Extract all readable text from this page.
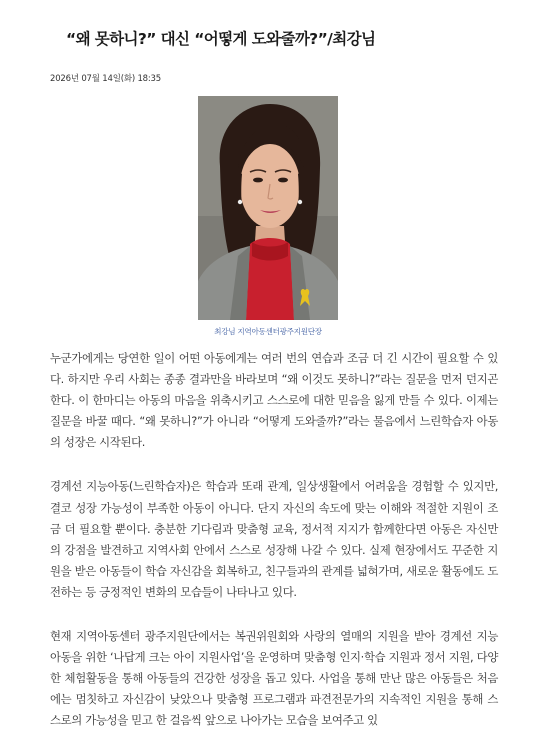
“왜 못하니?” 대신 “어떻게 도와줄까?”/최강님
2026년 07월 14일(화) 18:35
최강님 지역아동센터광주지원단장

누군가에게는 당연한 일이 어떤 아동에게는 여러 번의 연습과 조금 더 긴 시간이 필요할 수 있다. 하지만 우리 사회는 종종 결과만을 바라보며 “왜 이것도 못하니?”라는 질문을 먼저 던지곤 한다. 이 한마디는 아동의 마음을 위축시키고 스스로에 대한 믿음을 잃게 만들 수 있다. 이제는 질문을 바꿀 때다. “왜 못하니?”가 아니라 “어떻게 도와줄까?”라는 물음에서 느린학습자 아동의 성장은 시작된다.

경계선 지능아동(느린학습자)은 학습과 또래 관계, 일상생활에서 어려움을 경험할 수 있지만, 결코 성장 가능성이 부족한 아동이 아니다. 단지 자신의 속도에 맞는 이해와 적절한 지원이 조금 더 필요할 뿐이다. 충분한 기다림과 맞춤형 교육, 정서적 지지가 함께한다면 아동은 자신만의 강점을 발견하고 지역사회 안에서 스스로 성장해 나갈 수 있다. 실제 현장에서도 꾸준한 지원을 받은 아동들이 학습 자신감을 회복하고, 친구들과의 관계를 넓혀가며, 새로운 활동에도 도전하는 등 긍정적인 변화의 모습들이 나타나고 있다.

현재 지역아동센터 광주지원단에서는 복권위원회와 사랑의 열매의 지원을 받아 경계선 지능 아동을 위한 ‘나답게 크는 아이 지원사업’을 운영하며 맞춤형 인지·학습 지원과 정서 지원, 다양한 체험활동을 통해 아동들의 건강한 성장을 돕고 있다. 사업을 통해 만난 많은 아동들은 처음에는 멈칫하고 자신감이 낮았으나 맞춤형 프로그램과 파견전문가의 지속적인 지원을 통해 스스로의 가능성을 믿고 한 걸음씩 앞으로 나아가는 모습을 보여주고 있
